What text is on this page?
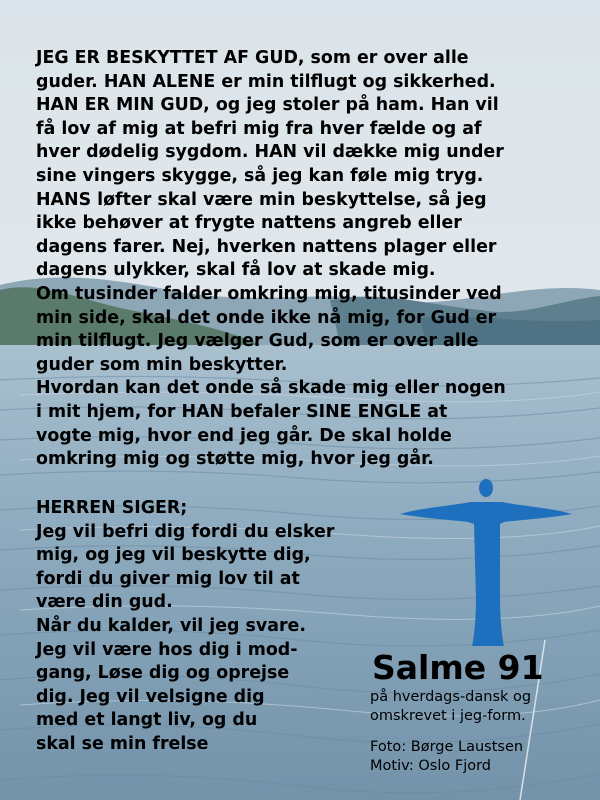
JEG ER BESKYTTET AF GUD, som er over alle
guder. HAN ALENE er min tilflugt og sikkerhed.
HAN ER MIN GUD, og jeg stoler på ham. Han vil
få lov af mig at befri mig fra hver fælde og af
hver dødelig sygdom. HAN vil dække mig under
sine vingers skygge, så jeg kan føle mig tryg.
HANS løfter skal være min beskyttelse, så jeg
ikke behøver at frygte nattens angreb eller
dagens farer. Nej, hverken nattens plager eller
dagens ulykker, skal få lov at skade mig.
Om tusinder falder omkring mig, titusinder ved
min side, skal det onde ikke nå mig, for Gud er
min tilflugt. Jeg vælger Gud, som er over alle
guder som min beskytter.
Hvordan kan det onde så skade mig eller nogen
i mit hjem, for HAN befaler SINE ENGLE at
vogte mig, hvor end jeg går. De skal holde
omkring mig og støtte mig, hvor jeg går.
HERREN SIGER;
Jeg vil befri dig fordi du elsker
mig, og jeg vil beskytte dig,
fordi du giver mig lov til at
være din gud.
Når du kalder, vil jeg svare.
Jeg vil være hos dig i mod-
gang, Løse dig og oprejse
dig. Jeg vil velsigne dig
med et langt liv, og du
skal se min frelse
Salme 91
på hverdags-dansk og
omskrevet i jeg-form.
Foto: Børge Laustsen
Motiv: Oslo Fjord
